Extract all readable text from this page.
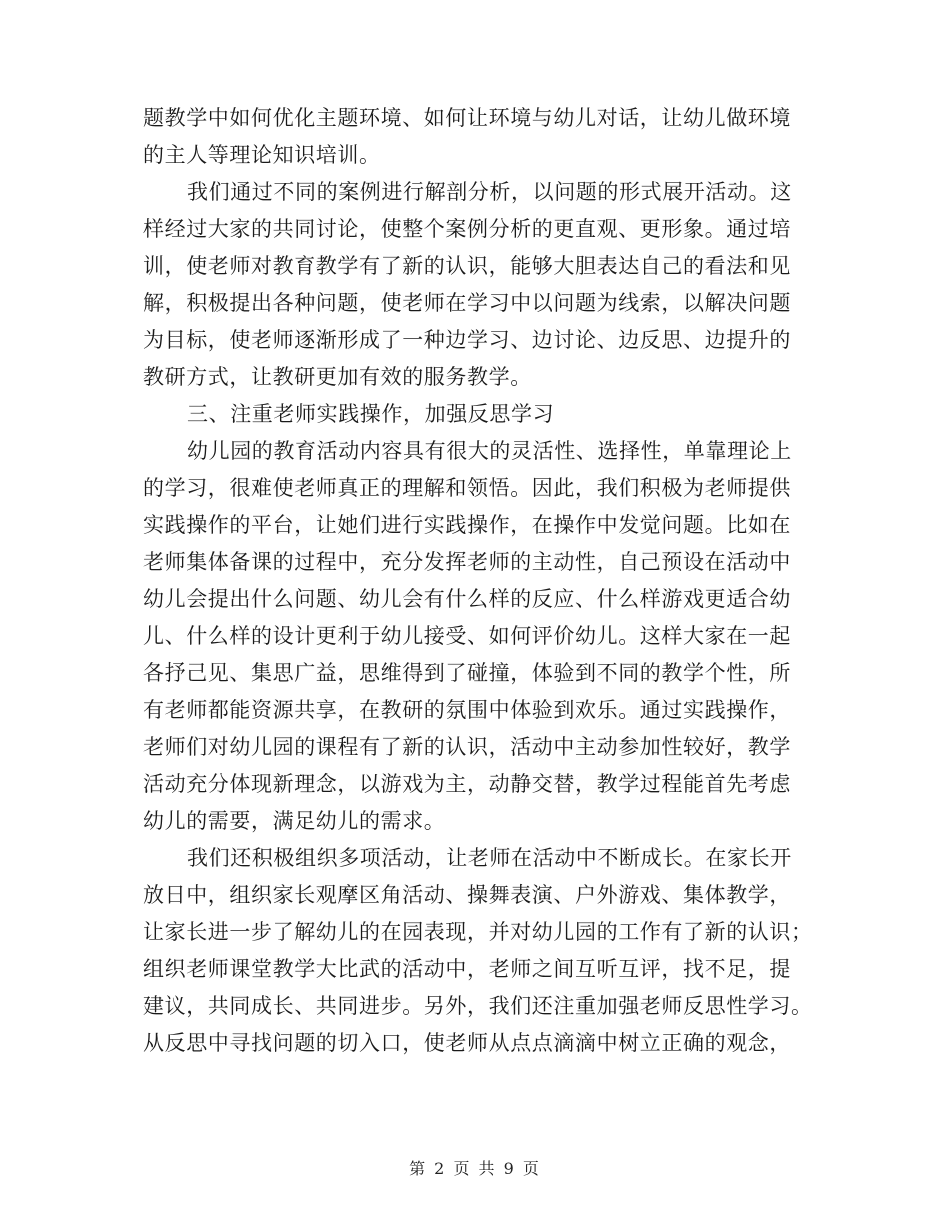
题教学中如何优化主题环境、如何让环境与幼儿对话，让幼儿做环境
的主人等理论知识培训。
我们通过不同的案例进行解剖分析，以问题的形式展开活动。这
样经过大家的共同讨论，使整个案例分析的更直观、更形象。通过培
训，使老师对教育教学有了新的认识，能够大胆表达自己的看法和见
解，积极提出各种问题，使老师在学习中以问题为线索，以解决问题
为目标，使老师逐渐形成了一种边学习、边讨论、边反思、边提升的
教研方式，让教研更加有效的服务教学。
三、注重老师实践操作，加强反思学习
幼儿园的教育活动内容具有很大的灵活性、选择性，单靠理论上
的学习，很难使老师真正的理解和领悟。因此，我们积极为老师提供
实践操作的平台，让她们进行实践操作，在操作中发觉问题。比如在
老师集体备课的过程中，充分发挥老师的主动性，自己预设在活动中
幼儿会提出什么问题、幼儿会有什么样的反应、什么样游戏更适合幼
儿、什么样的设计更利于幼儿接受、如何评价幼儿。这样大家在一起
各抒己见、集思广益，思维得到了碰撞，体验到不同的教学个性，所
有老师都能资源共享，在教研的氛围中体验到欢乐。通过实践操作，
老师们对幼儿园的课程有了新的认识，活动中主动参加性较好，教学
活动充分体现新理念，以游戏为主，动静交替，教学过程能首先考虑
幼儿的需要，满足幼儿的需求。
我们还积极组织多项活动，让老师在活动中不断成长。在家长开
放日中，组织家长观摩区角活动、操舞表演、户外游戏、集体教学，
让家长进一步了解幼儿的在园表现，并对幼儿园的工作有了新的认识；
组织老师课堂教学大比武的活动中，老师之间互听互评，找不足，提
建议，共同成长、共同进步。另外，我们还注重加强老师反思性学习。
从反思中寻找问题的切入口，使老师从点点滴滴中树立正确的观念，
第 2 页 共 9 页
